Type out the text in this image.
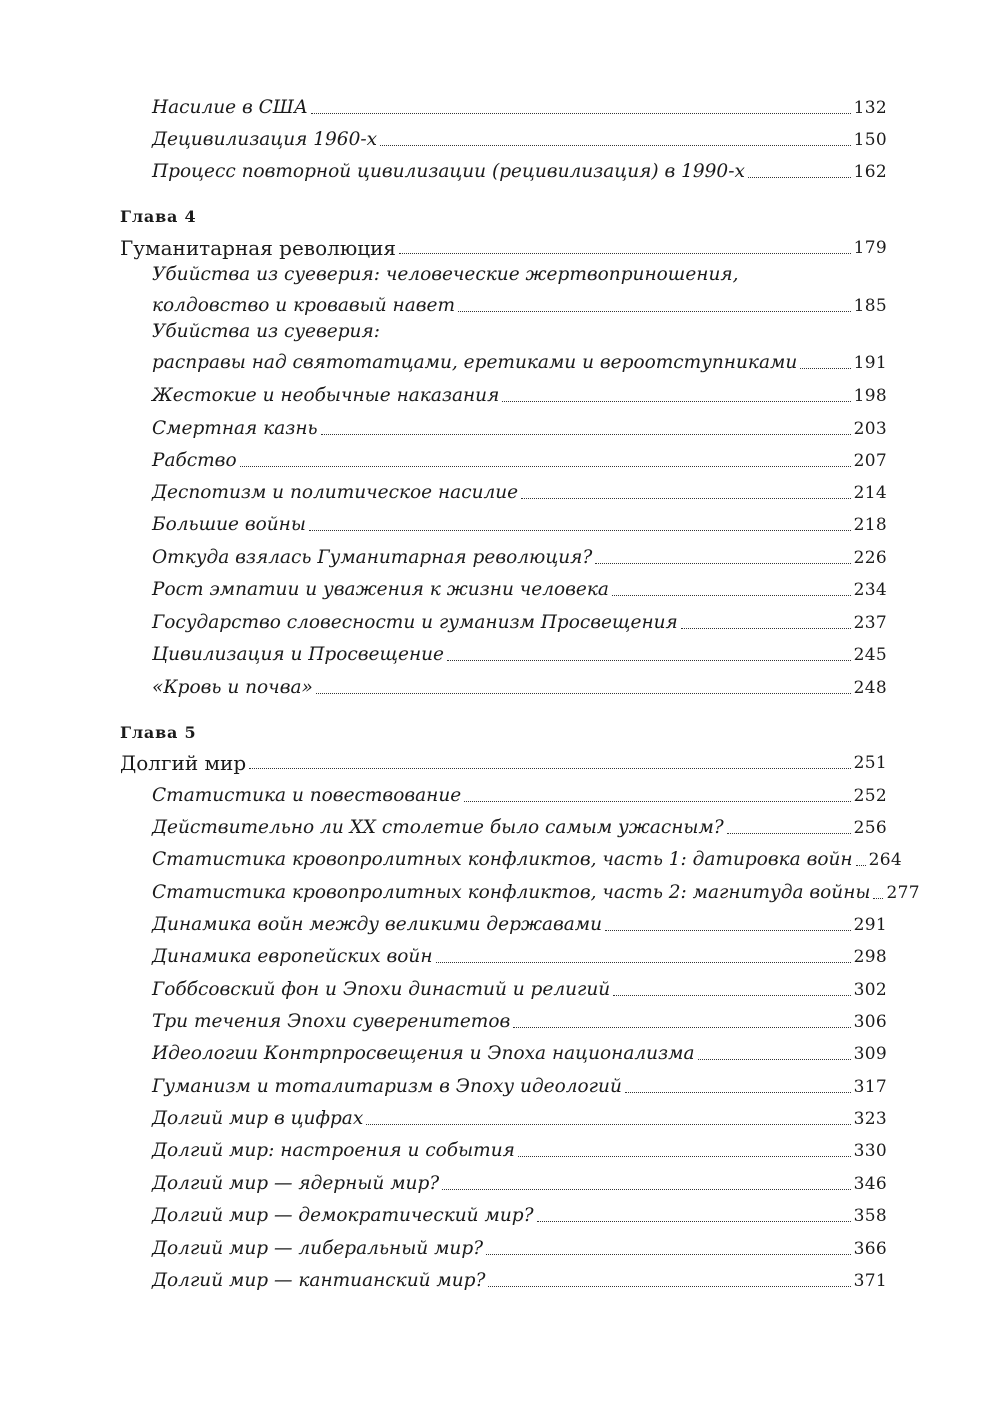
Насилие в США	132
Децивилизация 1960-х	150
Процесс повторной цивилизации (рецивилизация) в 1990-х	162
Глава 4
Гуманитарная революция	179
Убийства из суеверия: человеческие жертвоприношения,
колдовство и кровавый навет	185
Убийства из суеверия:
расправы над святотатцами, еретиками и вероотступниками	191
Жестокие и необычные наказания	198
Смертная казнь	203
Рабство	207
Деспотизм и политическое насилие	214
Большие войны	218
Откуда взялась Гуманитарная революция?	226
Рост эмпатии и уважения к жизни человека	234
Государство словесности и гуманизм Просвещения	237
Цивилизация и Просвещение	245
«Кровь и почва»	248
Глава 5
Долгий мир	251
Статистика и повествование	252
Действительно ли XX столетие было самым ужасным?	256
Статистика кровопролитных конфликтов, часть 1: датировка войн 264
Статистика кровопролитных конфликтов, часть 2: магнитуда войны 277
Динамика войн между великими державами	291
Динамика европейских войн	298
Гоббсовский фон и Эпохи династий и религий	302
Три течения Эпохи суверенитетов	306
Идеологии Контрпросвещения и Эпоха национализма	309
Гуманизм и тоталитаризм в Эпоху идеологий	317
Долгий мир в цифрах	323
Долгий мир: настроения и события	330
Долгий мир — ядерный мир?	346
Долгий мир — демократический мир?	358
Долгий мир — либеральный мир?	366
Долгий мир — кантианский мир?	371
